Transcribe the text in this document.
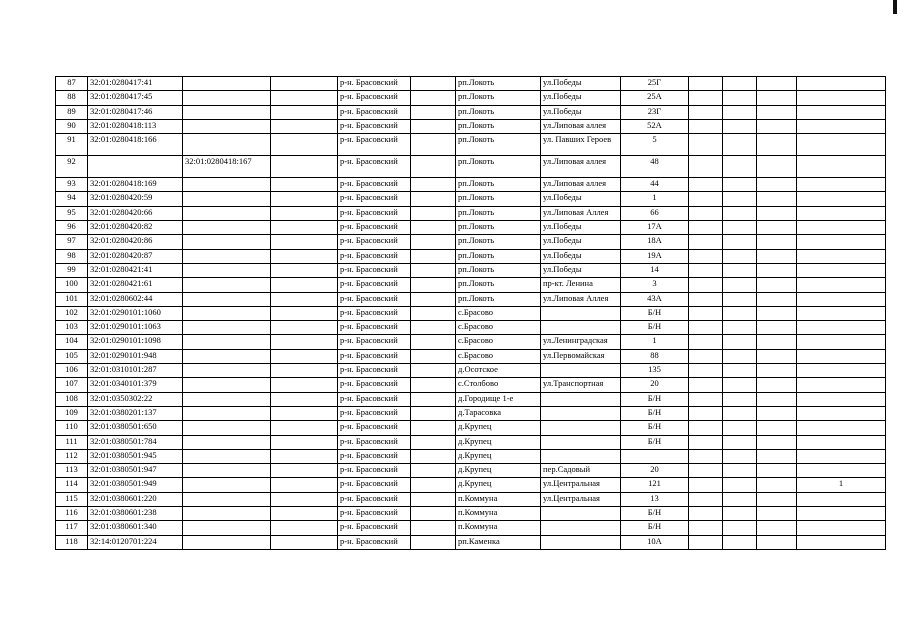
87	32:01:0280417:41			р-н. Брасовский		рп.Локоть	ул.Победы	25Г				
88	32:01:0280417:45			р-н. Брасовский		рп.Локоть	ул.Победы	25А				
89	32:01:0280417:46			р-н. Брасовский		рп.Локоть	ул.Победы	23Г				
90	32:01:0280418:113			р-н. Брасовский		рп.Локоть	ул.Липовая аллея	52А				
91	32:01:0280418:166			р-н. Брасовский		рп.Локоть	ул. Павших Героев	5				
92		32:01:0280418:167		р-н. Брасовский		рп.Локоть	ул.Липовая аллея	48				
93	32:01:0280418:169			р-н. Брасовский		рп.Локоть	ул.Липовая аллея	44				
94	32:01:0280420:59			р-н. Брасовский		рп.Локоть	ул.Победы	1				
95	32:01:0280420:66			р-н. Брасовский		рп.Локоть	ул.Липовая Аллея	66				
96	32:01:0280420:82			р-н. Брасовский		рп.Локоть	ул.Победы	17А				
97	32:01:0280420:86			р-н. Брасовский		рп.Локоть	ул.Победы	18А				
98	32:01:0280420:87			р-н. Брасовский		рп.Локоть	ул.Победы	19А				
99	32:01:0280421:41			р-н. Брасовский		рп.Локоть	ул.Победы	14				
100	32:01:0280421:61			р-н. Брасовский		рп.Локоть	пр-кт. Ленина	3				
101	32:01:0280602:44			р-н. Брасовский		рп.Локоть	ул.Липовая Аллея	43А				
102	32:01:0290101:1060			р-н. Брасовский		с.Брасово		Б/Н				
103	32:01:0290101:1063			р-н. Брасовский		с.Брасово		Б/Н				
104	32:01:0290101:1098			р-н. Брасовский		с.Брасово	ул.Ленинградская	1				
105	32:01:0290101:948			р-н. Брасовский		с.Брасово	ул.Первомайская	88				
106	32:01:0310101:287			р-н. Брасовский		д.Осотское		135				
107	32:01:0340101:379			р-н. Брасовский		с.Столбово	ул.Транспортная	20				
108	32:01:0350302:22			р-н. Брасовский		д.Городище 1-е		Б/Н				
109	32:01:0380201:137			р-н. Брасовский		д.Тарасовка		Б/Н				
110	32:01:0380501:650			р-н. Брасовский		д.Крупец		Б/Н				
111	32:01:0380501:784			р-н. Брасовский		д.Крупец		Б/Н				
112	32:01:0380501:945			р-н. Брасовский		д.Крупец						
113	32:01:0380501:947			р-н. Брасовский		д.Крупец	пер.Садовый	20				
114	32:01:0380501:949			р-н. Брасовский		д.Крупец	ул.Центральная	121				1
115	32:01:0380601:220			р-н. Брасовский		п.Коммуна	ул.Центральная	13				
116	32:01:0380601:238			р-н. Брасовский		п.Коммуна		Б/Н				
117	32:01:0380601:340			р-н. Брасовский		п.Коммуна		Б/Н				
118	32:14:0120701:224			р-н. Брасовский		рп.Каменка		10А				
